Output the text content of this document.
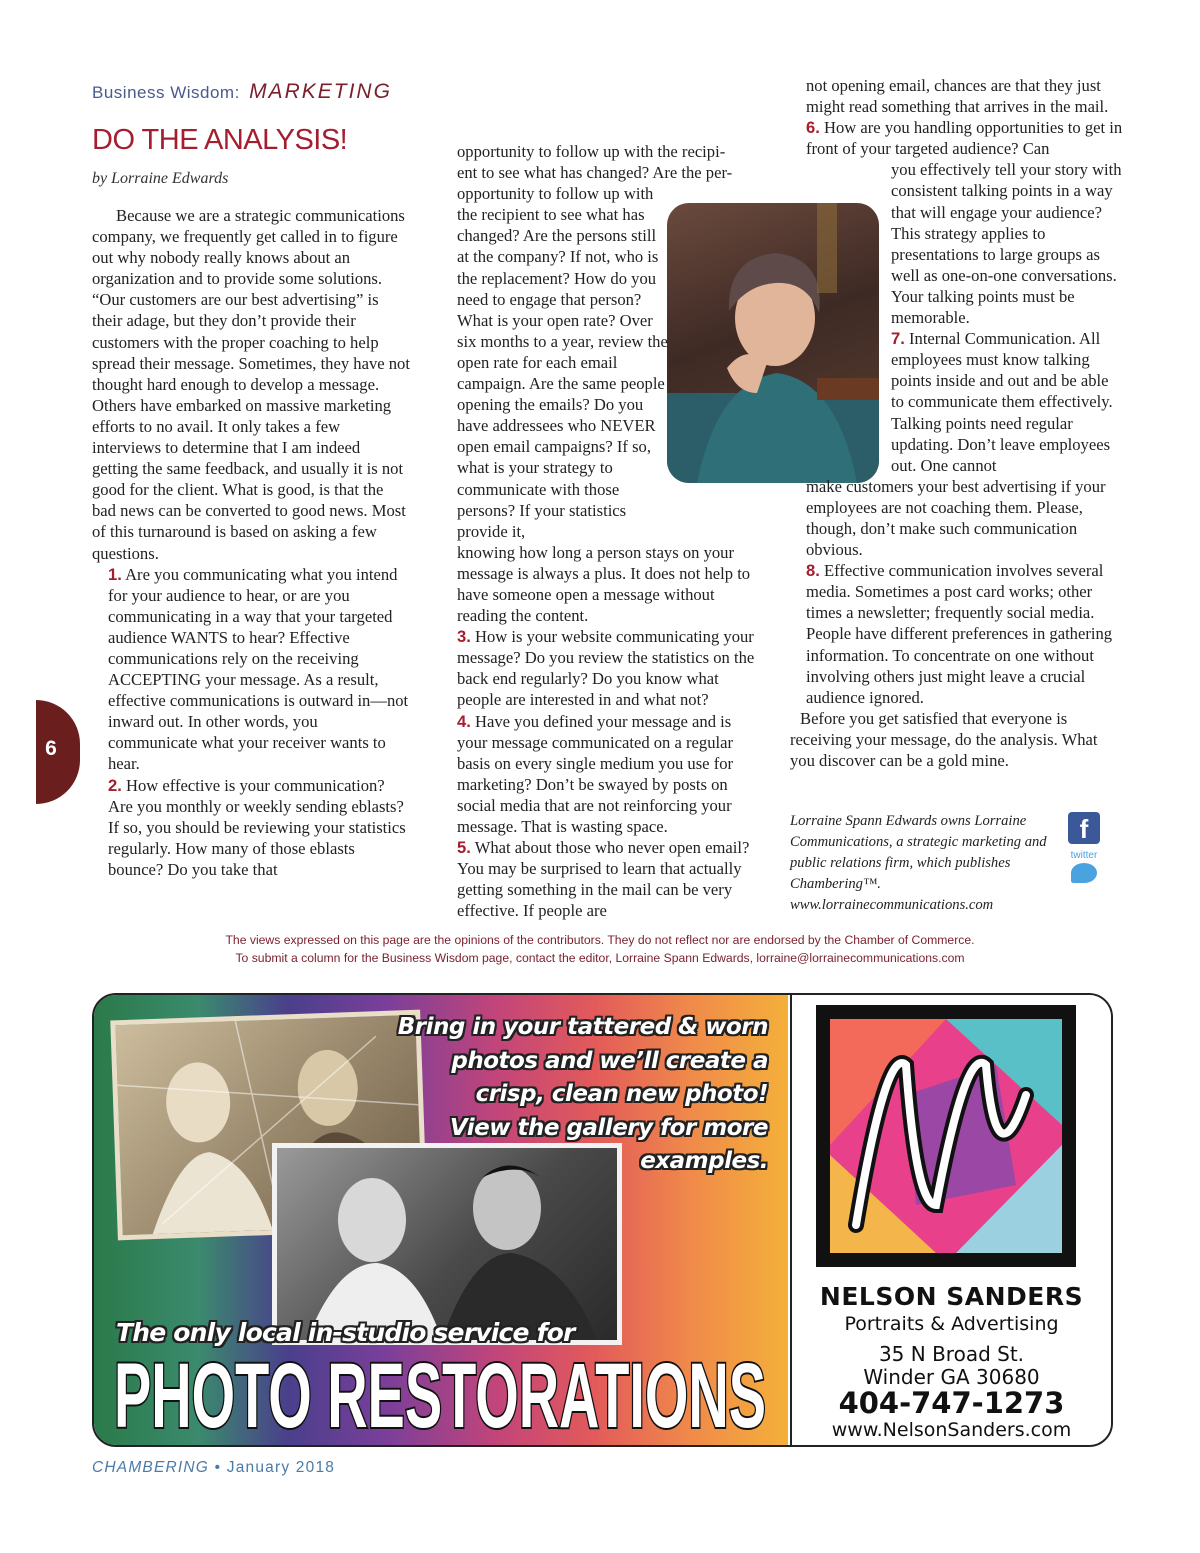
Business Wisdom: MARKETING
DO THE ANALYSIS!
by Lorraine Edwards

Because we are a strategic communications company, we frequently get called in to figure out why nobody really knows about an organization and to provide some solutions. “Our customers are our best advertising” is their adage, but they don’t provide their customers with the proper coaching to help spread their message. Sometimes, they have not thought hard enough to develop a message. Others have embarked on massive marketing efforts to no avail. It only takes a few interviews to determine that I am indeed getting the same feedback, and usually it is not good for the client. What is good, is that the bad news can be converted to good news. Most of this turnaround is based on asking a few questions.

1. Are you communicating what you intend for your audience to hear, or are you communicating in a way that your targeted audience WANTS to hear? Effective communications rely on the receiving ACCEPTING your message. As a result, effective communications is outward in—not inward out. In other words, you communicate what your receiver wants to hear.

2. How effective is your communication? Are you monthly or weekly sending eblasts? If so, you should be reviewing your statistics regularly. How many of those eblasts bounce? Do you take that

opportunity to follow up with the recipi-
ent to see what has changed? Are the per-

opportunity to follow up with the recipient to see what has changed? Are the persons still at the company? If not, who is the replacement? How do you need to engage that person? What is your open rate? Over six months to a year, review the open rate for each email campaign. Are the same people opening the emails? Do you have addressees who NEVER open email campaigns? If so, what is your strategy to communicate with those persons? If your statistics provide it,

knowing how long a person stays on your message is always a plus. It does not help to have someone open a message without reading the content.

3. How is your website communicating your message? Do you review the statistics on the back end regularly? Do you know what people are interested in and what not?

4. Have you defined your message and is your message communicated on a regular basis on every single medium you use for marketing? Don’t be swayed by posts on social media that are not reinforcing your message. That is wasting space.

5. What about those who never open email? You may be surprised to learn that actually getting something in the mail can be very effective. If people are

not opening email, chances are that they just might read something that arrives in the mail.

6. How are you handling opportunities to get in front of your targeted audience? Can

you effectively tell your story with consistent talking points in a way that will engage your audience? This strategy applies to presentations to large groups as well as one-on-one conversations. Your talking points must be memorable.

7. Internal Communication. All employees must know talking points inside and out and be able to communicate them effectively. Talking points need regular updating. Don’t leave employees out. One cannot

make customers your best advertising if your employees are not coaching them. Please, though, don’t make such communication obvious.

8. Effective communication involves several media. Sometimes a post card works; other times a newsletter; frequently social media. People have different preferences in gathering information. To concentrate on one without involving others just might leave a crucial audience ignored.

Before you get satisfied that everyone is receiving your message, do the analysis. What you discover can be a gold mine.

6
Lorraine Spann Edwards owns Lorraine Communications, a strategic marketing and public relations firm, which publishes Chambering™.
www.lorrainecommunications.com
f
twitter
The views expressed on this page are the opinions of the contributors. They do not reflect nor are endorsed by the Chamber of Commerce.
To submit a column for the Business Wisdom page, contact the editor, Lorraine Spann Edwards, lorraine@lorrainecommunications.com
Bring in your tattered & worn
photos and we’ll create a
crisp, clean new photo!
View the gallery for more
examples.
The only local in-studio service for
PHOTO RESTORATIONS
NELSON SANDERS
Portraits & Advertising
35 N Broad St.
Winder GA 30680
404-747-1273
www.NelsonSanders.com
CHAMBERING • January 2018
